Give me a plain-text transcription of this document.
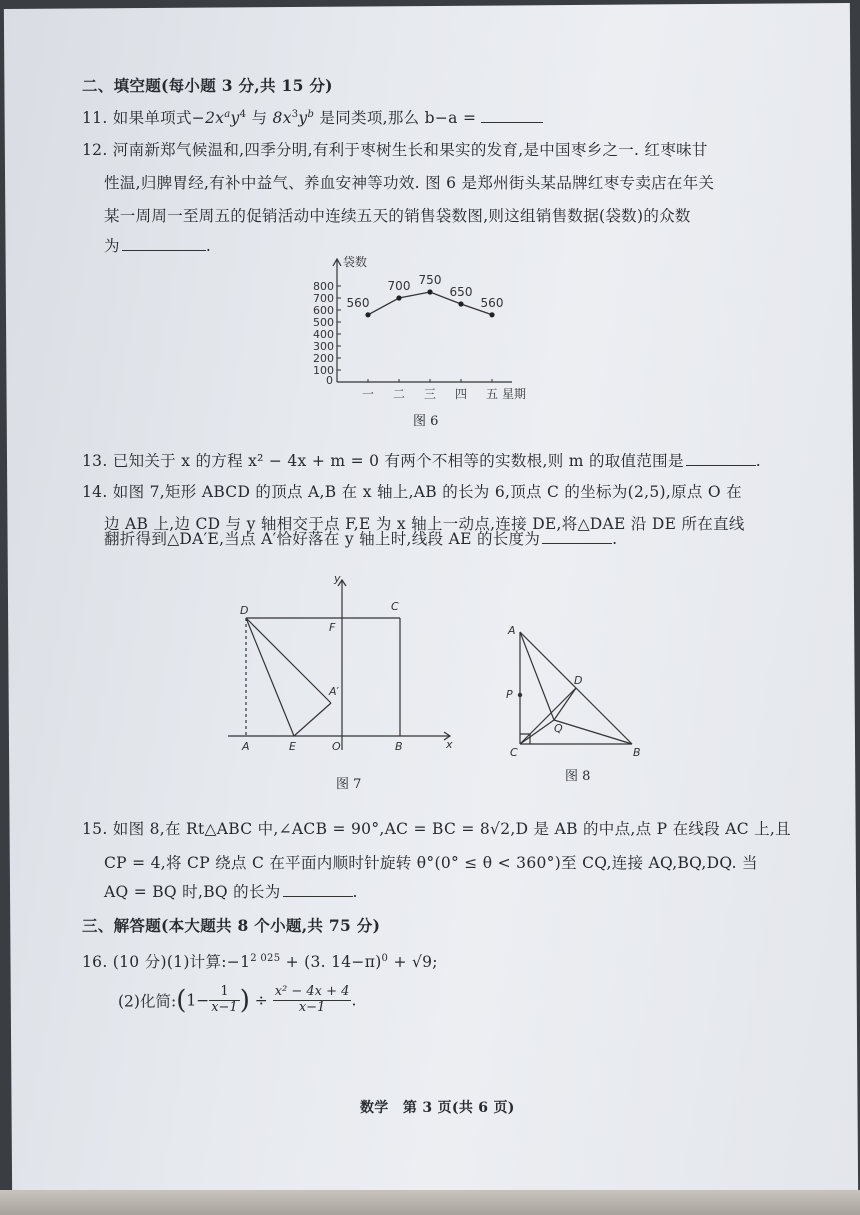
二、填空题(每小题 3 分,共 15 分)
11. 如果单项式$-2x^ay^4$ 与 $8x^3y^b$ 是同类项,那么 b−a =
12. 河南新郑气候温和,四季分明,有利于枣树生长和果实的发育,是中国枣乡之一. 红枣味甘
性温,归脾胃经,有补中益气、养血安神等功效. 图 6 是郑州街头某品牌红枣专卖店在年关
某一周周一至周五的促销活动中连续五天的销售袋数图,则这组销售数据(袋数)的众数
为	.
袋数
100
200
300
400
500
600
700
800
0
一 二 三 四 五 星期
560
700 750
650
560
图 6
13. 已知关于 x 的方程 x² − 4x + m = 0 有两个不相等的实数根,则 m 的取值范围是	.
14. 如图 7,矩形 ABCD 的顶点 A,B 在 x 轴上,AB 的长为 6,顶点 C 的坐标为(2,5),原点 O 在
边 AB 上,边 CD 与 y 轴相交于点 F,E 为 x 轴上一动点,连接 DE,将△DAE 沿 DE 所在直线
翻折得到△DA′E,当点 A′恰好落在 y 轴上时,线段 AE 的长度为	.
D	C
F
A′
A	E	O	B	x
y
图 7
A
P
D
Q
C	B
图 8
15. 如图 8,在 Rt△ABC 中,∠ACB = 90°,AC = BC = 8√2,D 是 AB 的中点,点 P 在线段 AC 上,且
CP = 4,将 CP 绕点 C 在平面内顺时针旋转 θ°(0° ≤ θ < 360°)至 CQ,连接 AQ,BQ,DQ. 当
AQ = BQ 时,BQ 的长为	.
三、解答题(本大题共 8 个小题,共 75 分)
16. (10 分)(1)计算$:-1^{2 025} + (3$. 14−π)$^0$ + √9;
(2)化简:(1− $\frac{1}{x-1}$ ) ÷ $\frac{\text{x² − 4x + 4}}{x-1}$ .
数学　第 3 页(共 6 页)
